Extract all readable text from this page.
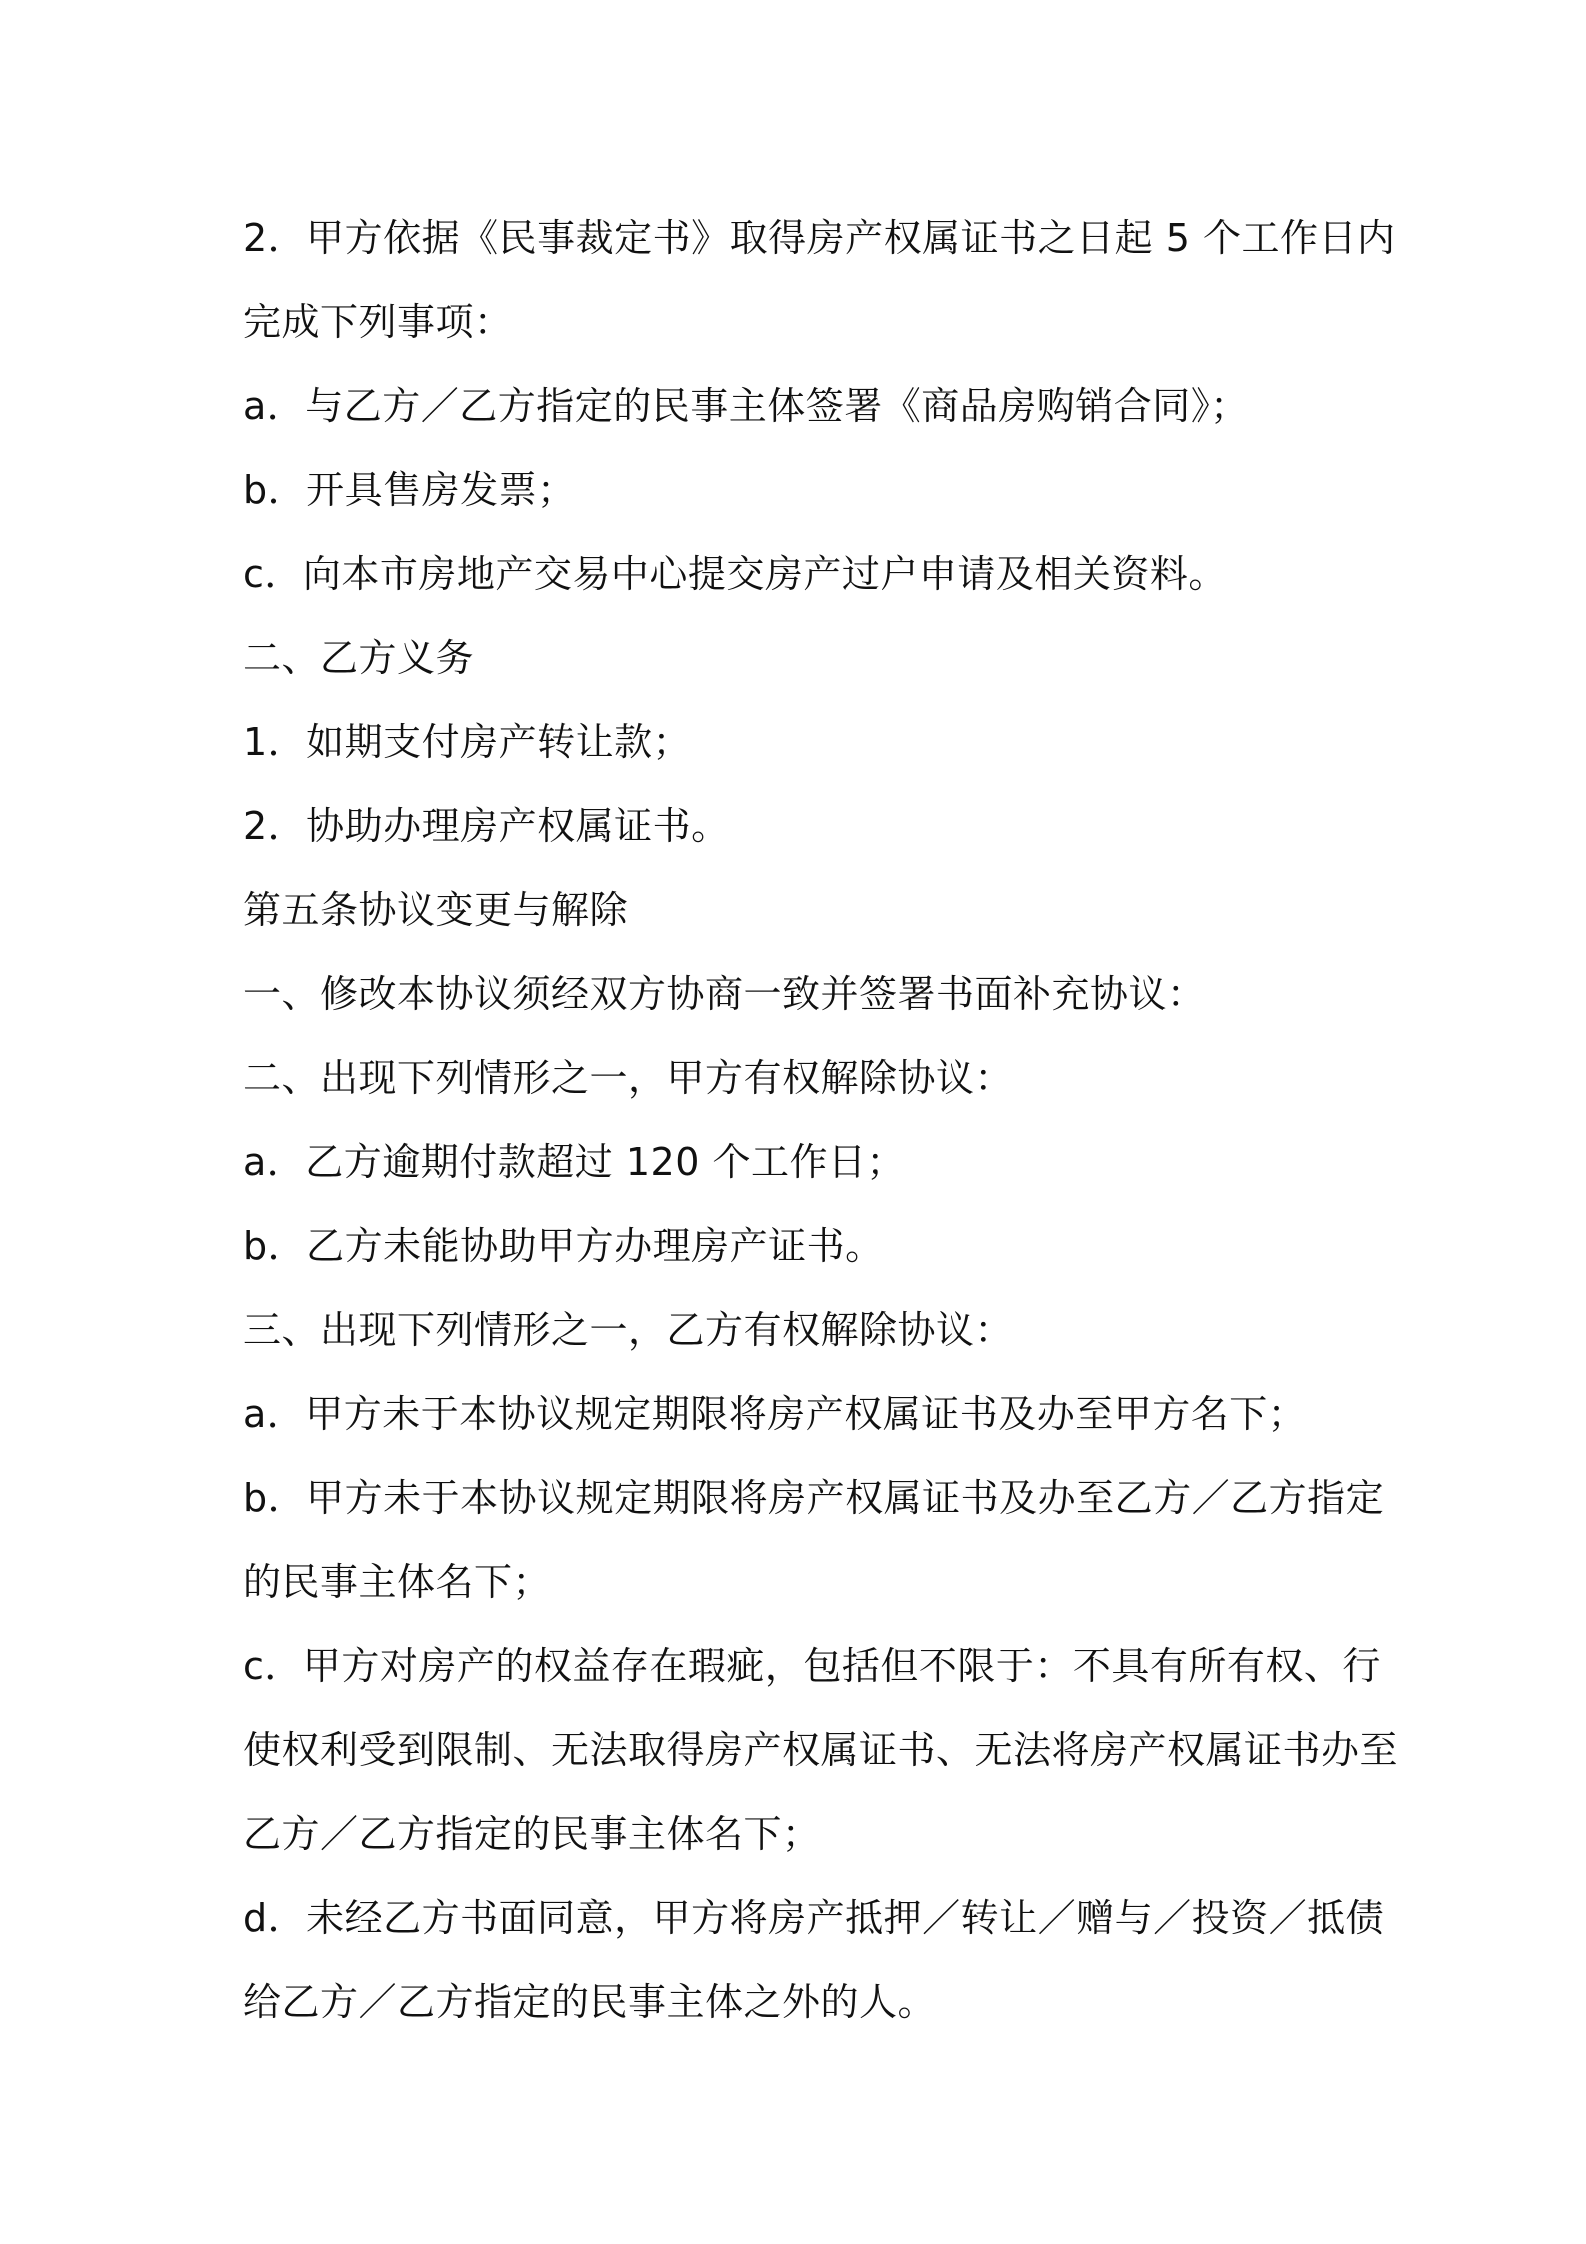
2．甲方依据《民事裁定书》取得房产权属证书之日起 5 个工作日内
完成下列事项：
a．与乙方／乙方指定的民事主体签署《商品房购销合同》；
b．开具售房发票；
c．向本市房地产交易中心提交房产过户申请及相关资料。
二、乙方义务
1．如期支付房产转让款；
2．协助办理房产权属证书。
第五条协议变更与解除
一、修改本协议须经双方协商一致并签署书面补充协议：
二、出现下列情形之一，甲方有权解除协议：
a．乙方逾期付款超过 120 个工作日；
b．乙方未能协助甲方办理房产证书。
三、出现下列情形之一，乙方有权解除协议：
a．甲方未于本协议规定期限将房产权属证书及办至甲方名下；
b．甲方未于本协议规定期限将房产权属证书及办至乙方／乙方指定
的民事主体名下；
c．甲方对房产的权益存在瑕疵，包括但不限于：不具有所有权、行
使权利受到限制、无法取得房产权属证书、无法将房产权属证书办至
乙方／乙方指定的民事主体名下；
d．未经乙方书面同意，甲方将房产抵押／转让／赠与／投资／抵债
给乙方／乙方指定的民事主体之外的人。
